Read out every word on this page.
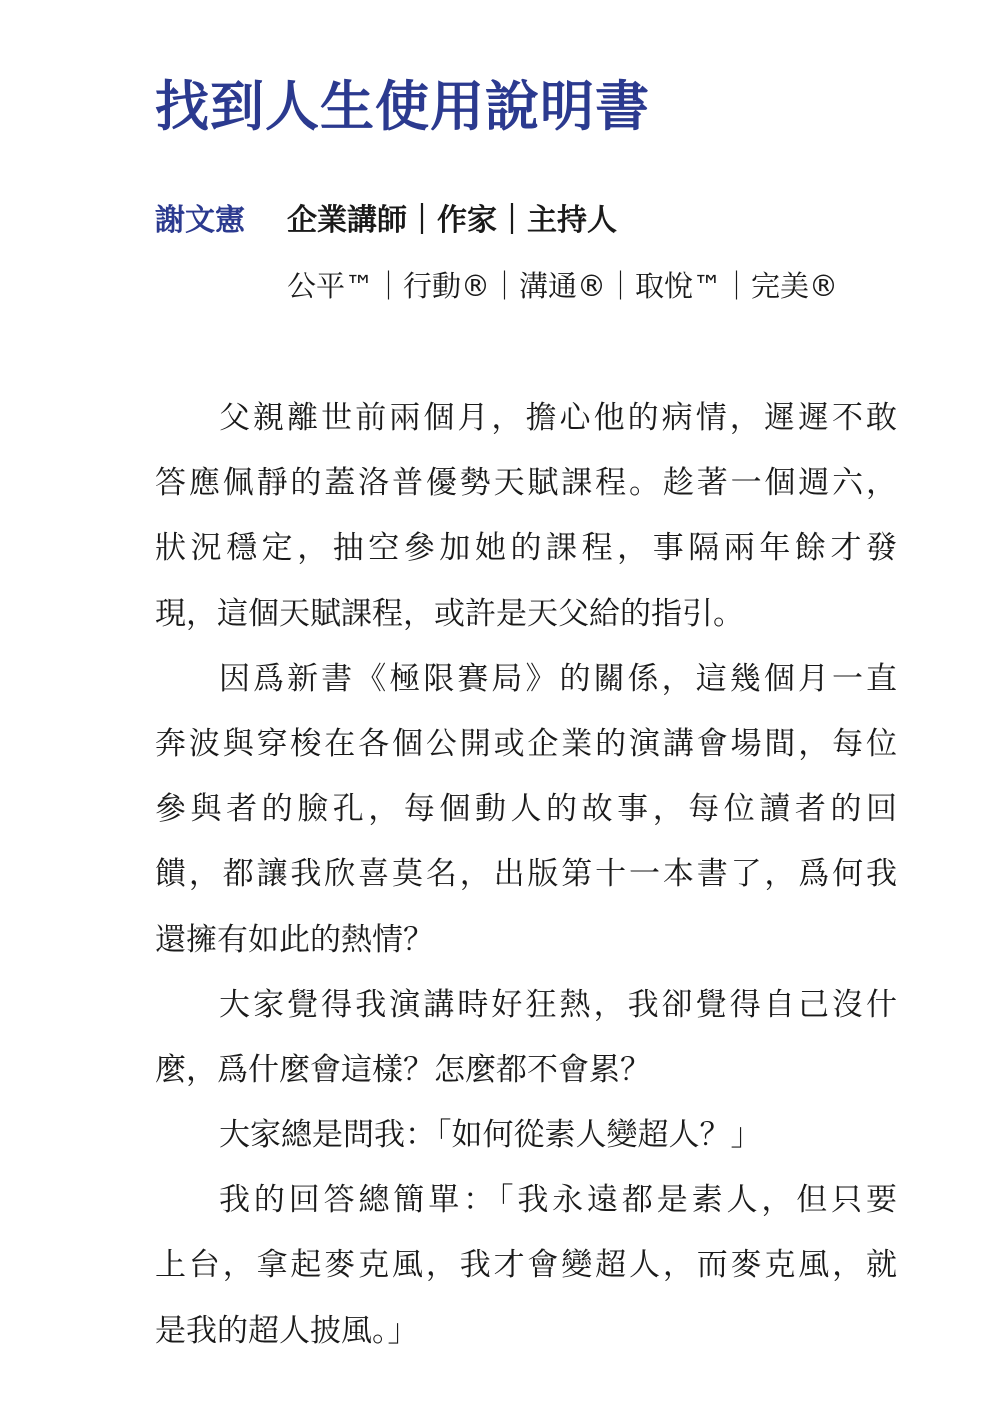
找到人生使用說明書
謝文憲 企業講師｜作家｜主持人
公平™｜行動®｜溝通®｜取悅™｜完美®
父親離世前兩個月，擔心他的病情，遲遲不敢
答應佩靜的蓋洛普優勢天賦課程。趁著一個週六，
狀況穩定，抽空參加她的課程，事隔兩年餘才發
現，這個天賦課程，或許是天父給的指引。
因爲新書《極限賽局》的關係，這幾個月一直
奔波與穿梭在各個公開或企業的演講會場間，每位
參與者的臉孔，每個動人的故事，每位讀者的回
饋，都讓我欣喜莫名，出版第十一本書了，爲何我
還擁有如此的熱情？
大家覺得我演講時好狂熱，我卻覺得自己沒什
麼，爲什麼會這樣？怎麼都不會累？
大家總是問我：「如何從素人變超人？」
我的回答總簡單：「我永遠都是素人，但只要
上台，拿起麥克風，我才會變超人，而麥克風，就
是我的超人披風。」
